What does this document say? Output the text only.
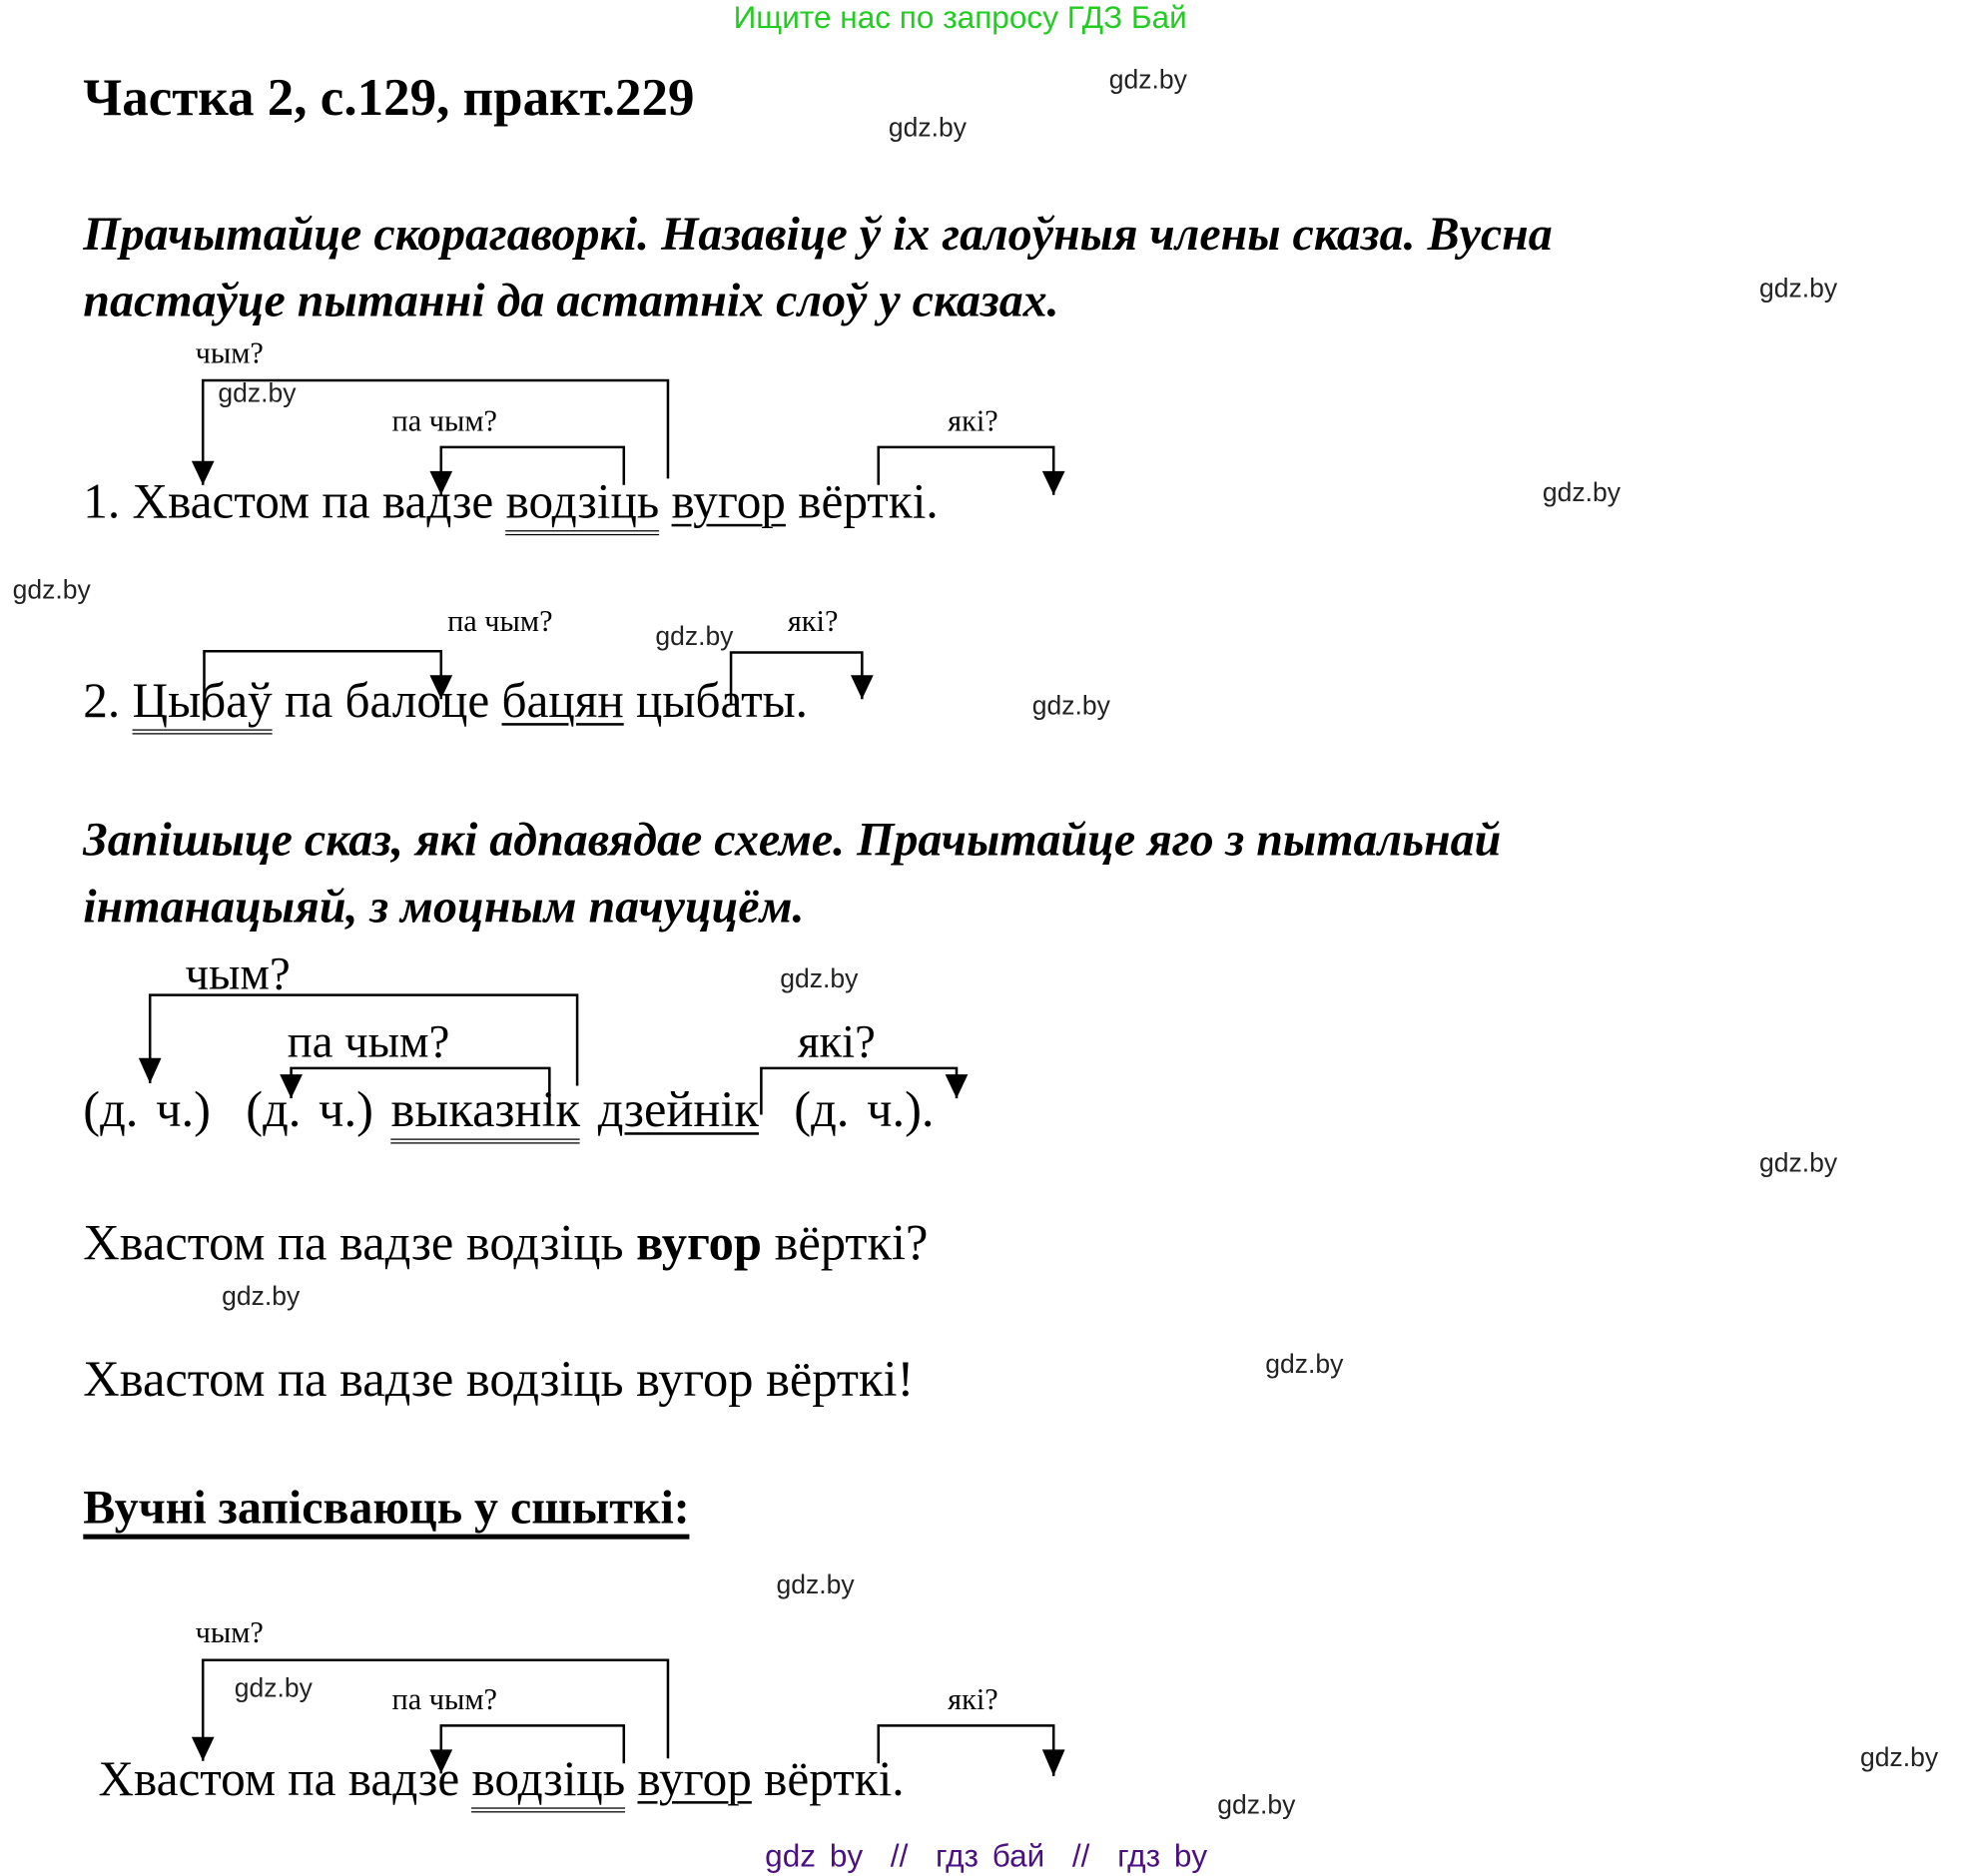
Ищите нас по запросу ГДЗ Бай
Частка 2, с.129, практ.229	gdz.by
gdz.by
gdz.by
gdz.by
gdz.by
gdz.by
gdz.by
gdz.by
gdz.by
gdz.by
gdz.by
gdz.by
gdz.by
gdz.by
gdz.by
gdz.by
Прачытайце скорагаворкі. Назавіце ў іх галоўныя члены сказа. Вусна
пастаўце пытанні да астатніх слоў у сказах.
чым?
па чым?	які?
1. Хвастом па вадзе водзіць вугор вёрткі.
па чым?	які?
2. Цыбаў па балоце бацян цыбаты.
Запішыце сказ, які адпавядае схеме. Прачытайце яго з пытальнай
інтанацыяй, з моцным пачуццём.
чым?
па чым?	які?
(д. ч.) (д. ч.) выказнік дзейнік (д. ч.).
Хвастом па вадзе водзіць вугор вёрткі?
Хвастом па вадзе водзіць вугор вёрткі!
Вучні запісваюць у сшыткі:
чым?
па чым?	які?
Хвастом па вадзе водзіць вугор вёрткі.
gdz by  //  гдз бай  //  гдз by
